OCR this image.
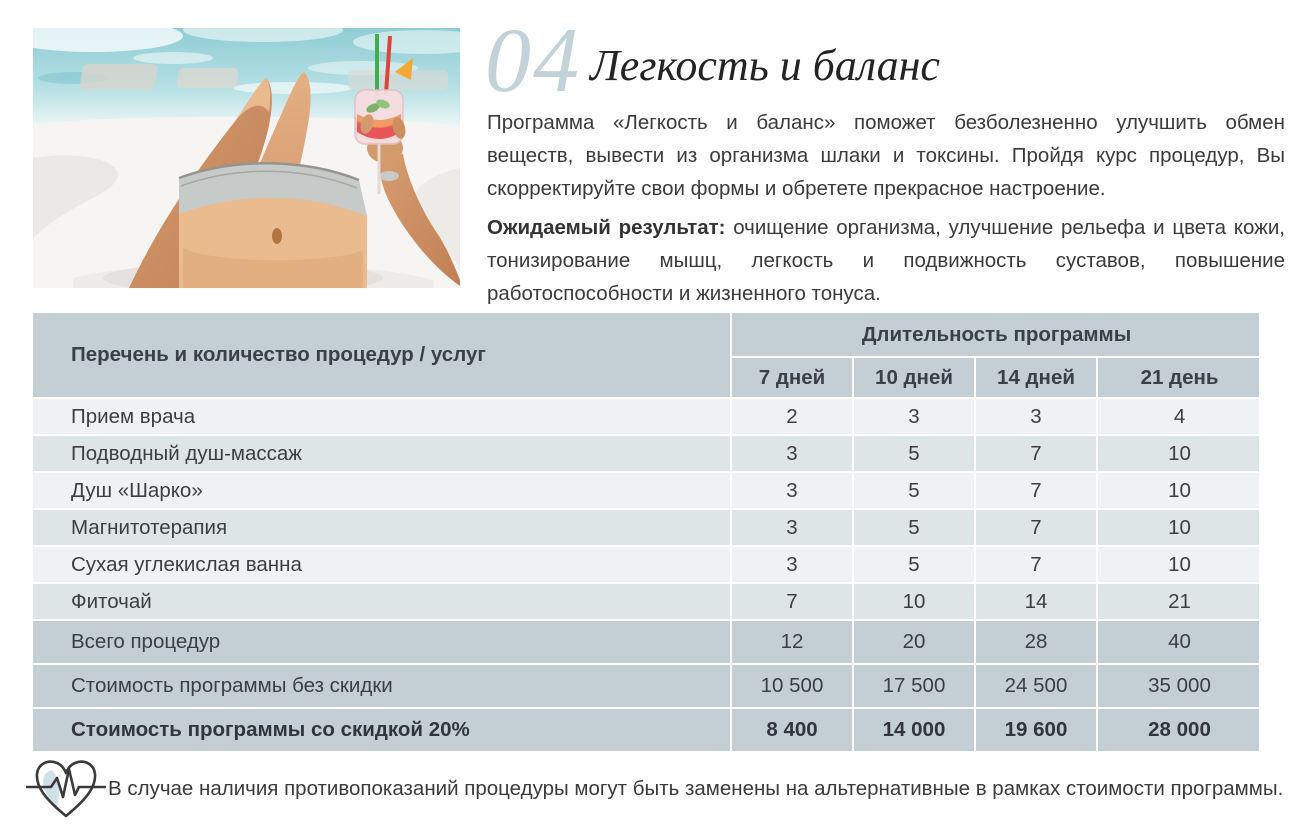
04 Легкость и баланс

Программа «Легкость и баланс» поможет безболезненно улучшить обмен веществ, вывести из организма шлаки и токсины. Пройдя курс процедур, Вы скорректируйте свои формы и обретете прекрасное настроение.

Ожидаемый результат: очищение организма, улучшение рельефа и цвета кожи, тонизирование мышц, легкость и подвижность суставов, повышение работоспособности и жизненного тонуса.

Перечень и количество процедур / услуг	Длительность программы			
	7 дней	10 дней	14 дней	21 день
Прием врача	2	3	3	4
Подводный душ-массаж	3	5	7	10
Душ «Шарко»	3	5	7	10
Магнитотерапия	3	5	7	10
Сухая углекислая ванна	3	5	7	10
Фиточай	7	10	14	21
Всего процедур	12	20	28	40
Стоимость программы без скидки	10 500	17 500	24 500	35 000
Стоимость программы со скидкой 20%	8 400	14 000	19 600	28 000
В случае наличия противопоказаний процедуры могут быть заменены на альтернативные в рамках стоимости программы.
